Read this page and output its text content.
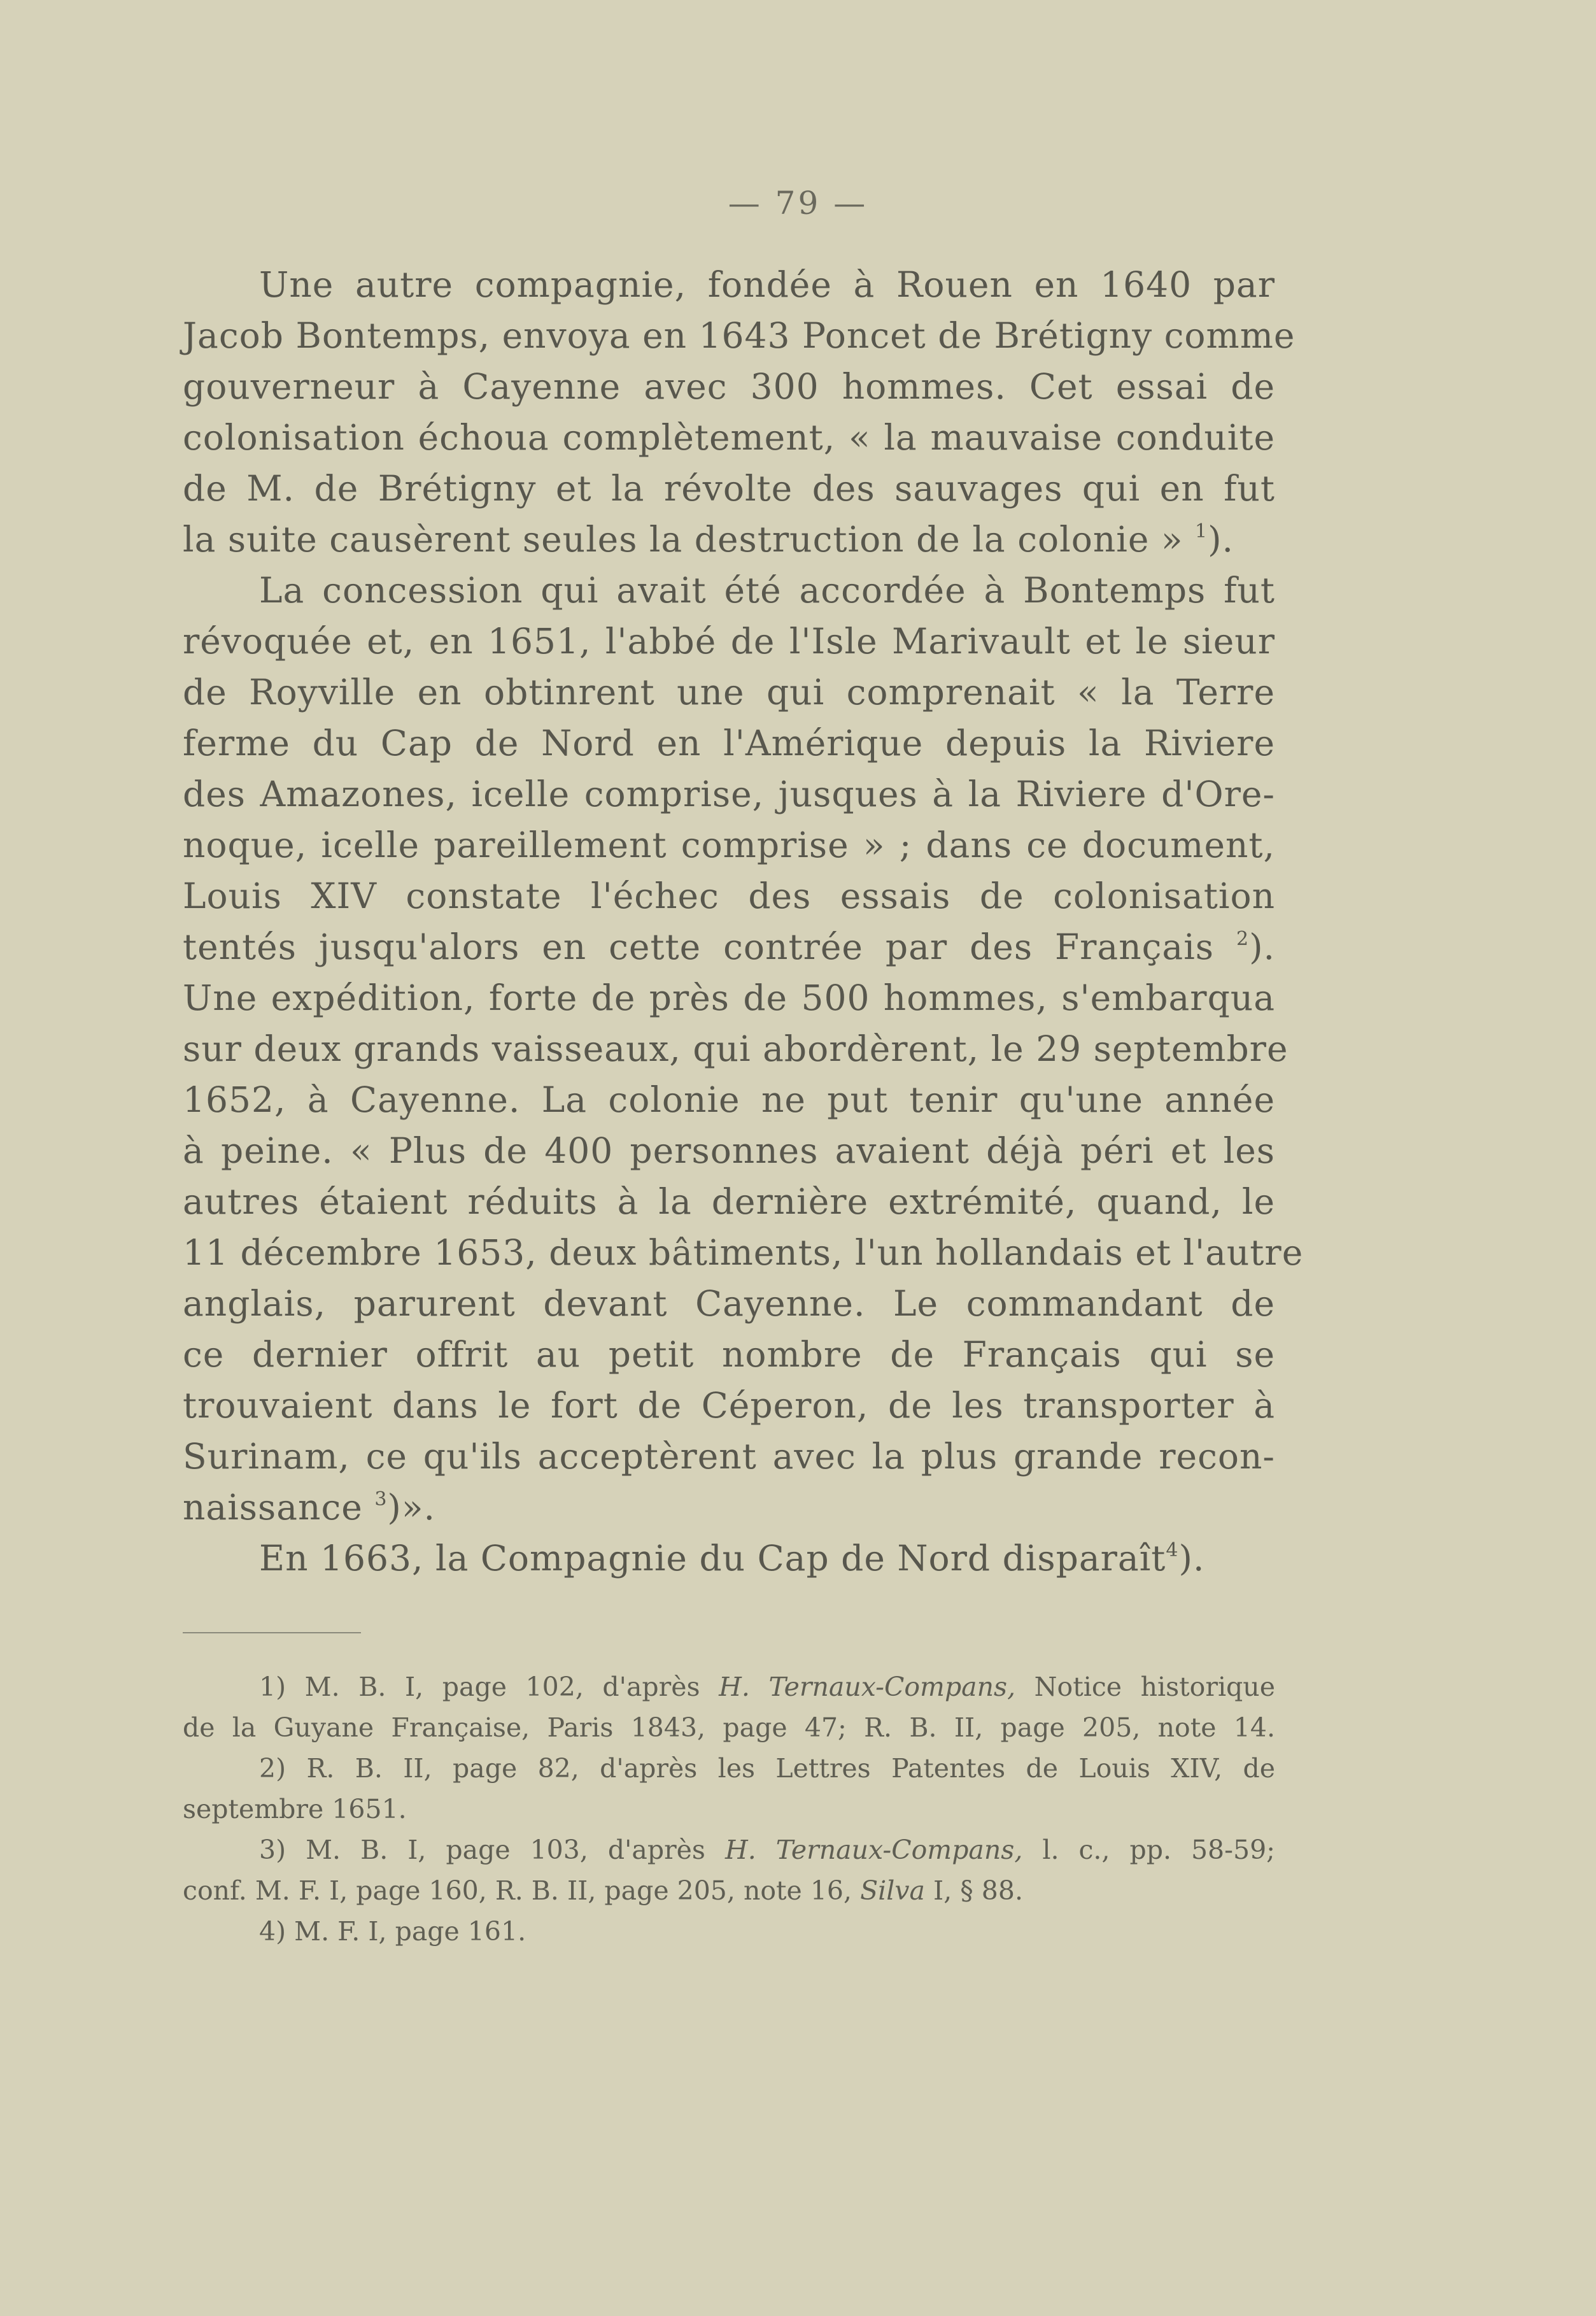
— 79 —
Une autre compagnie, fondée à Rouen en 1640 par
Jacob Bontemps, envoya en 1643 Poncet de Brétigny comme
gouverneur à Cayenne avec 300 hommes. Cet essai de
colonisation échoua complètement, « la mauvaise conduite
de M. de Brétigny et la révolte des sauvages qui en fut
la suite causèrent seules la destruction de la colonie » $^1$).
La concession qui avait été accordée à Bontemps fut
révoquée et, en 1651, l'abbé de l'Isle Marivault et le sieur
de Royville en obtinrent une qui comprenait « la Terre
ferme du Cap de Nord en l'Amérique depuis la Riviere
des Amazones, icelle comprise, jusques à la Riviere d'Ore-
noque, icelle pareillement comprise » ; dans ce document,
Louis XIV constate l'échec des essais de colonisation
tentés jusqu'alors en cette contrée par des Français $^2$).
Une expédition, forte de près de 500 hommes, s'embarqua
sur deux grands vaisseaux, qui abordèrent, le 29 septembre
1652, à Cayenne. La colonie ne put tenir qu'une année
à peine. « Plus de 400 personnes avaient déjà péri et les
autres étaient réduits à la dernière extrémité, quand, le
11 décembre 1653, deux bâtiments, l'un hollandais et l'autre
anglais, parurent devant Cayenne. Le commandant de
ce dernier offrit au petit nombre de Français qui se
trouvaient dans le fort de Céperon, de les transporter à
Surinam, ce qu'ils acceptèrent avec la plus grande recon-
naissance $^3$)».
En 1663, la Compagnie du Cap de Nord disparaît$^4$).
1) M. B. I, page 102, d'après H. Ternaux-Compans, Notice historique
de la Guyane Française, Paris 1843, page 47; R. B. II, page 205, note 14.
2) R. B. II, page 82, d'après les Lettres Patentes de Louis XIV, de
septembre 1651.
3) M. B. I, page 103, d'après H. Ternaux-Compans, l. c., pp. 58-59;
conf. M. F. I, page 160, R. B. II, page 205, note 16, Silva I, § 88.
4) M. F. I, page 161.
